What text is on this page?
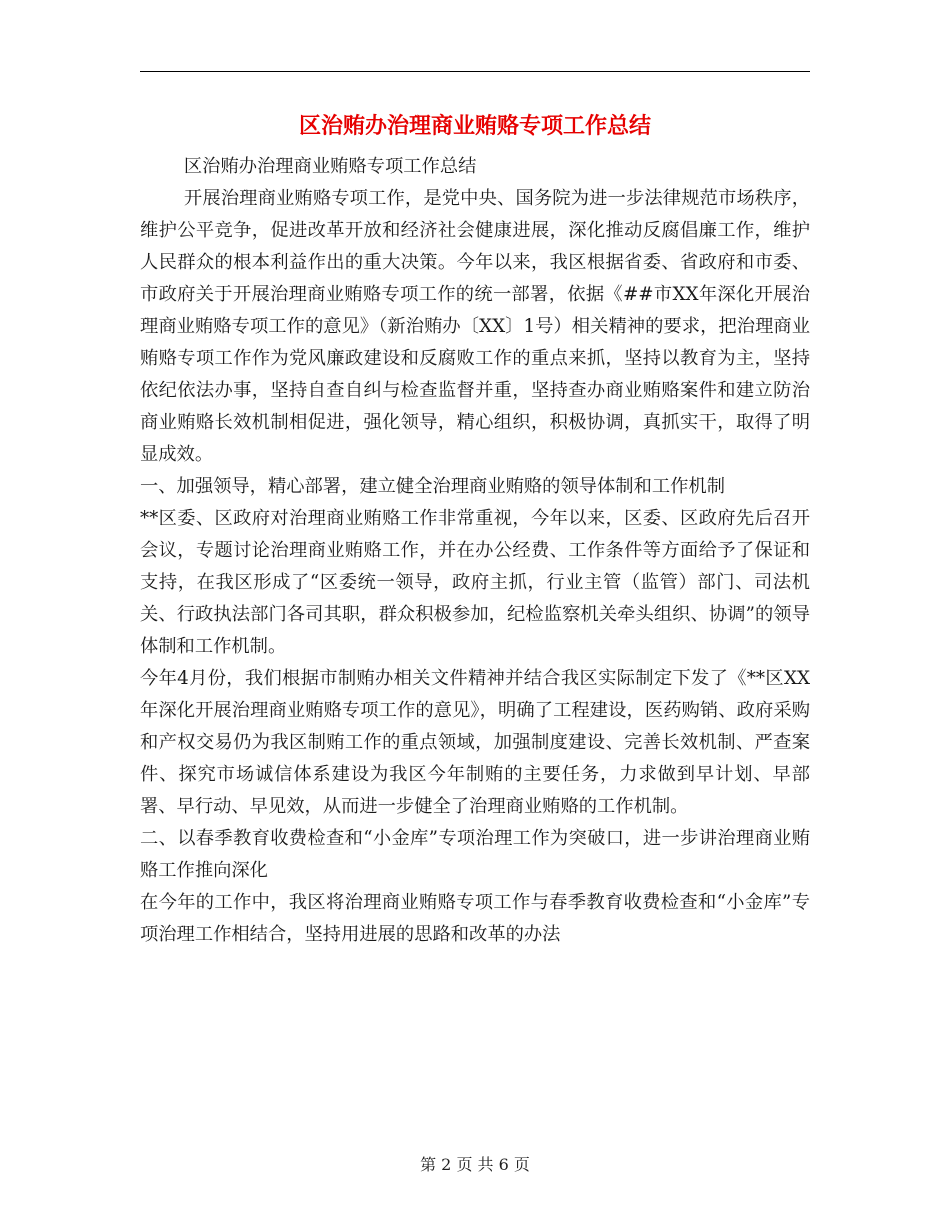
区治贿办治理商业贿赂专项工作总结

区治贿办治理商业贿赂专项工作总结

开展治理商业贿赂专项工作，是党中央、国务院为进一步法律规范市场秩序，维护公平竞争，促进改革开放和经济社会健康进展，深化推动反腐倡廉工作，维护人民群众的根本利益作出的重大决策。今年以来，我区根据省委、省政府和市委、市政府关于开展治理商业贿赂专项工作的统一部署，依据《##市XX年深化开展治理商业贿赂专项工作的意见》（新治贿办〔XX〕1号）相关精神的要求，把治理商业贿赂专项工作作为党风廉政建设和反腐败工作的重点来抓，坚持以教育为主，坚持依纪依法办事，坚持自查自纠与检查监督并重，坚持查办商业贿赂案件和建立防治商业贿赂长效机制相促进，强化领导，精心组织，积极协调，真抓实干，取得了明显成效。

一、加强领导，精心部署，建立健全治理商业贿赂的领导体制和工作机制

**区委、区政府对治理商业贿赂工作非常重视，今年以来，区委、区政府先后召开会议，专题讨论治理商业贿赂工作，并在办公经费、工作条件等方面给予了保证和支持，在我区形成了“区委统一领导，政府主抓，行业主管（监管）部门、司法机关、行政执法部门各司其职，群众积极参加，纪检监察机关牵头组织、协调”的领导体制和工作机制。

今年4月份，我们根据市制贿办相关文件精神并结合我区实际制定下发了《**区XX年深化开展治理商业贿赂专项工作的意见》，明确了工程建设，医药购销、政府采购和产权交易仍为我区制贿工作的重点领域，加强制度建设、完善长效机制、严查案件、探究市场诚信体系建设为我区今年制贿的主要任务，力求做到早计划、早部署、早行动、早见效，从而进一步健全了治理商业贿赂的工作机制。

二、以春季教育收费检查和“小金库”专项治理工作为突破口，进一步讲治理商业贿赂工作推向深化

在今年的工作中，我区将治理商业贿赂专项工作与春季教育收费检查和“小金库”专项治理工作相结合，坚持用进展的思路和改革的办法

第 2 页 共 6 页
